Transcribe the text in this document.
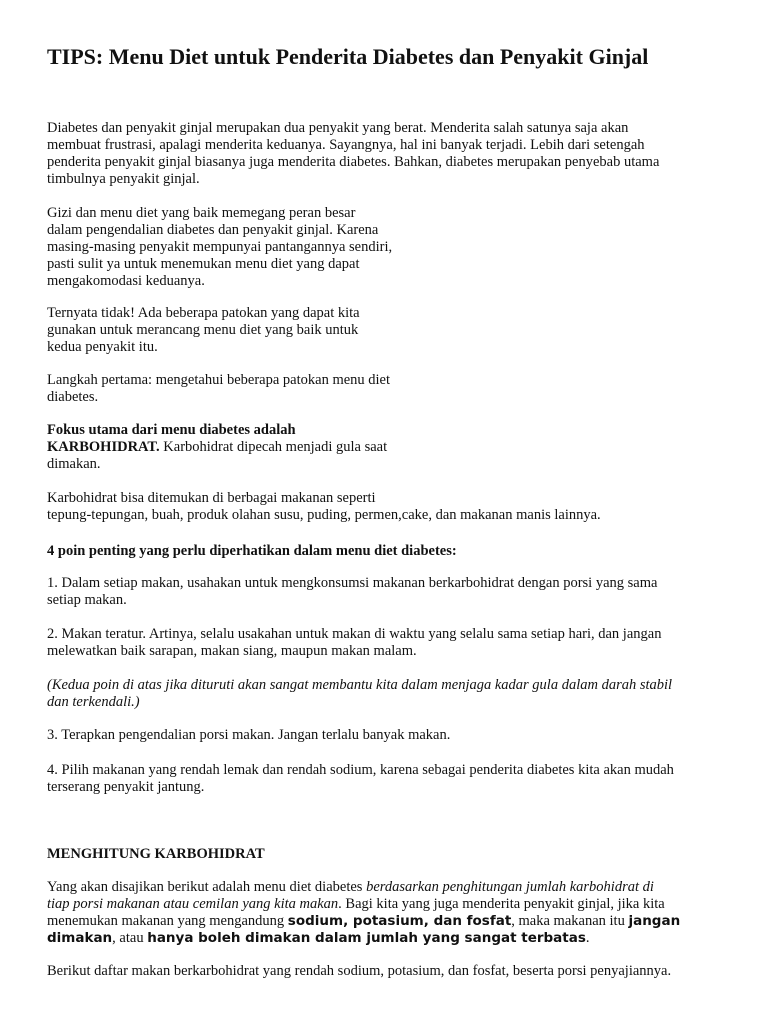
TIPS: Menu Diet untuk Penderita Diabetes dan Penyakit Ginjal

Diabetes dan penyakit ginjal merupakan dua penyakit yang berat. Menderita salah satunya saja akan
membuat frustrasi, apalagi menderita keduanya. Sayangnya, hal ini banyak terjadi. Lebih dari setengah
penderita penyakit ginjal biasanya juga menderita diabetes. Bahkan, diabetes merupakan penyebab utama
timbulnya penyakit ginjal.

Gizi dan menu diet yang baik memegang peran besar
dalam pengendalian diabetes dan penyakit ginjal. Karena
masing-masing penyakit mempunyai pantangannya sendiri,
pasti sulit ya untuk menemukan menu diet yang dapat
mengakomodasi keduanya.

Ternyata tidak! Ada beberapa patokan yang dapat kita
gunakan untuk merancang menu diet yang baik untuk
kedua penyakit itu.

Langkah pertama: mengetahui beberapa patokan menu diet
diabetes.

Fokus utama dari menu diabetes adalah
KARBOHIDRAT. Karbohidrat dipecah menjadi gula saat
dimakan.

Karbohidrat bisa ditemukan di berbagai makanan seperti
tepung-tepungan, buah, produk olahan susu, puding, permen,cake, dan makanan manis lainnya.

4 poin penting yang perlu diperhatikan dalam menu diet diabetes:

1. Dalam setiap makan, usahakan untuk mengkonsumsi makanan berkarbohidrat dengan porsi yang sama
setiap makan.

2. Makan teratur. Artinya, selalu usakahan untuk makan di waktu yang selalu sama setiap hari, dan jangan
melewatkan baik sarapan, makan siang, maupun makan malam.

(Kedua poin di atas jika dituruti akan sangat membantu kita dalam menjaga kadar gula dalam darah stabil
dan terkendali.)

3. Terapkan pengendalian porsi makan. Jangan terlalu banyak makan.

4. Pilih makanan yang rendah lemak dan rendah sodium, karena sebagai penderita diabetes kita akan mudah
terserang penyakit jantung.

MENGHITUNG KARBOHIDRAT

Yang akan disajikan berikut adalah menu diet diabetes berdasarkan penghitungan jumlah karbohidrat di
tiap porsi makanan atau cemilan yang kita makan. Bagi kita yang juga menderita penyakit ginjal, jika kita
menemukan makanan yang mengandung sodium, potasium, dan fosfat, maka makanan itu jangan
dimakan, atau hanya boleh dimakan dalam jumlah yang sangat terbatas.

Berikut daftar makan berkarbohidrat yang rendah sodium, potasium, dan fosfat, beserta porsi penyajiannya.
